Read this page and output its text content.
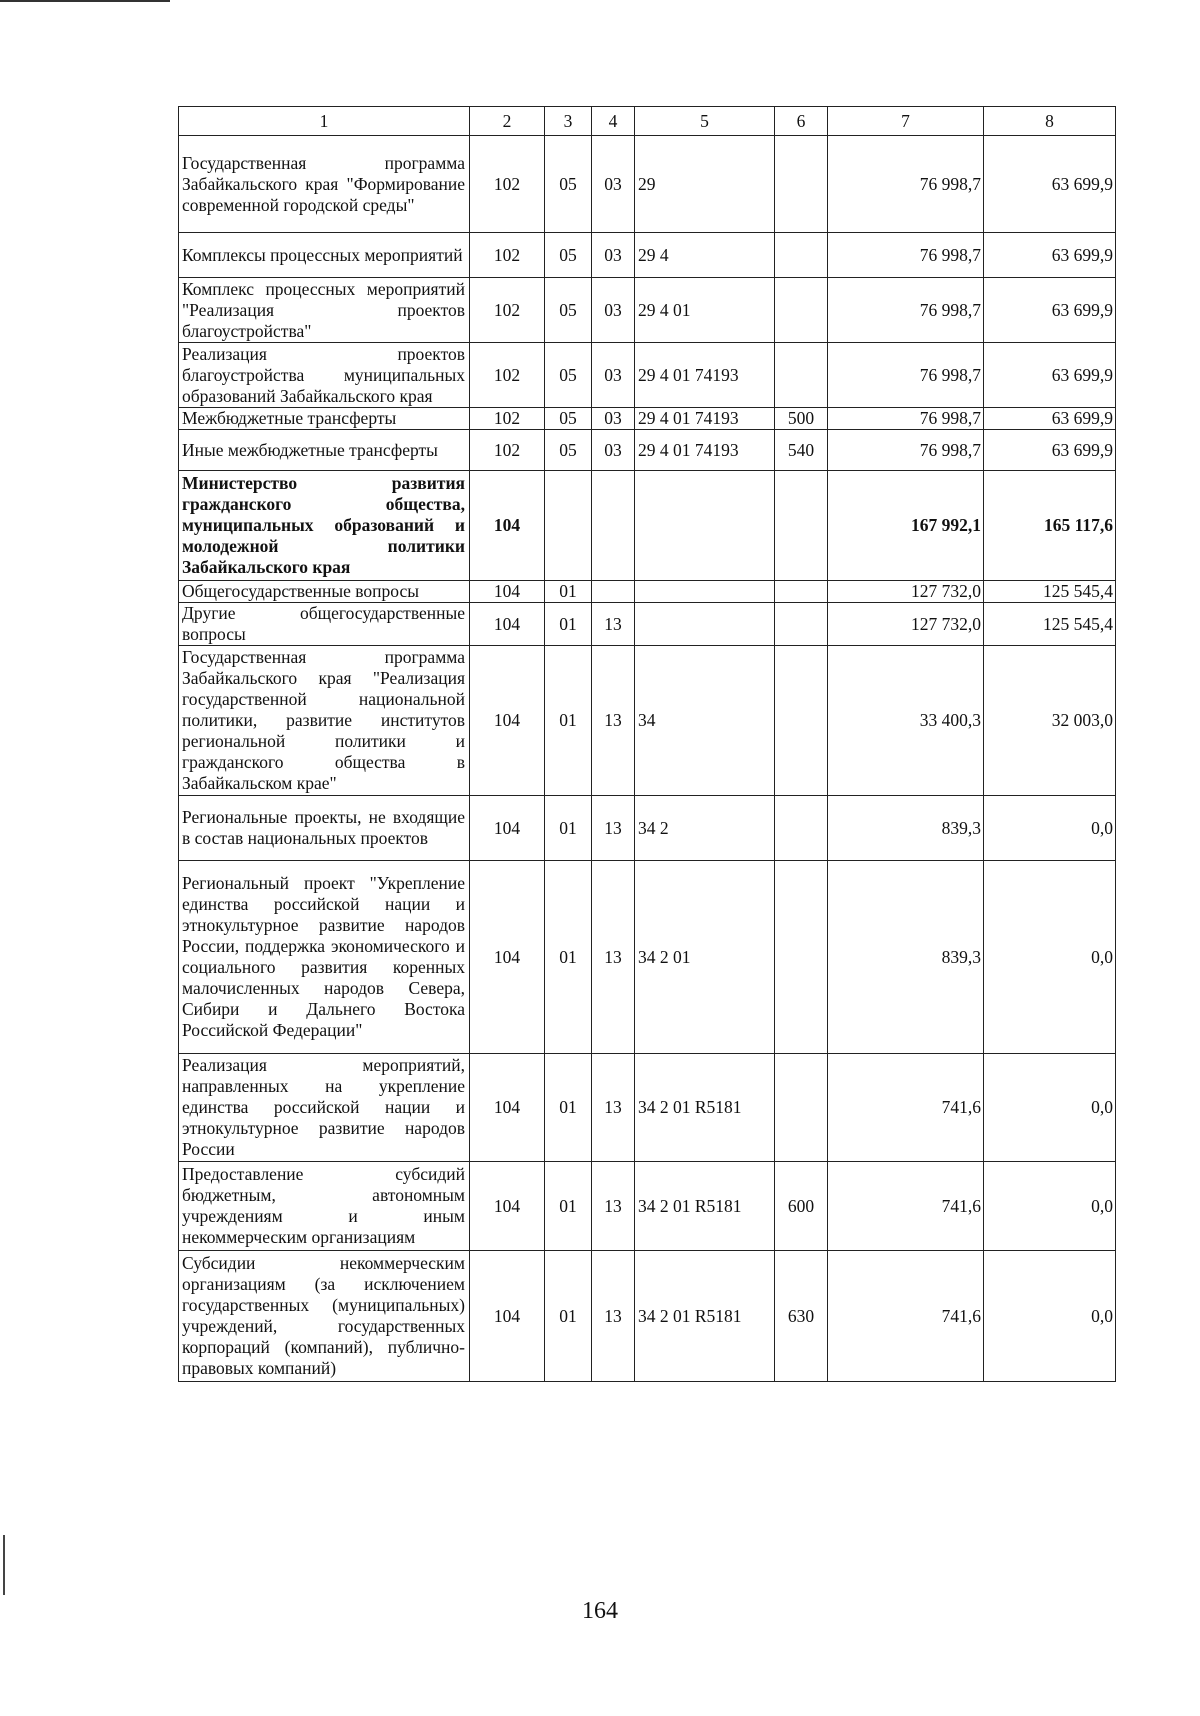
1	2	3	4	5	6	7	8
Государственная программа Забайкальского края "Формирование современной городской среды"	102	05	03	29		76 998,7	63 699,9
Комплексы процессных мероприятий	102	05	03	29 4		76 998,7	63 699,9
Комплекс процессных мероприятий "Реализация проектов благоустройства"	102	05	03	29 4 01		76 998,7	63 699,9
Реализация проектов благоустройства муниципальных образований Забайкальского края	102	05	03	29 4 01 74193		76 998,7	63 699,9
Межбюджетные трансферты	102	05	03	29 4 01 74193	500	76 998,7	63 699,9
Иные межбюджетные трансферты	102	05	03	29 4 01 74193	540	76 998,7	63 699,9
Министерство развития гражданского общества, муниципальных образований и молодежной политики Забайкальского края	104					167 992,1	165 117,6
Общегосударственные вопросы	104	01				127 732,0	125 545,4
Другие общегосударственные вопросы	104	01	13			127 732,0	125 545,4
Государственная программа Забайкальского края "Реализация государственной национальной политики, развитие институтов региональной политики и гражданского общества в Забайкальском крае"	104	01	13	34		33 400,3	32 003,0
Региональные проекты, не входящие в состав национальных проектов	104	01	13	34 2		839,3	0,0
Региональный проект "Укрепление единства российской нации и этнокультурное развитие народов России, поддержка экономического и социального развития коренных малочисленных народов Севера, Сибири и Дальнего Востока Российской Федерации"	104	01	13	34 2 01		839,3	0,0
Реализация мероприятий, направленных на укрепление единства российской нации и этнокультурное развитие народов России	104	01	13	34 2 01 R5181		741,6	0,0
Предоставление субсидий бюджетным, автономным учреждениям и иным некоммерческим организациям	104	01	13	34 2 01 R5181	600	741,6	0,0
Субсидии некоммерческим организациям (за исключением государственных (муниципальных) учреждений, государственных корпораций (компаний), публично-правовых компаний)	104	01	13	34 2 01 R5181	630	741,6	0,0
164
